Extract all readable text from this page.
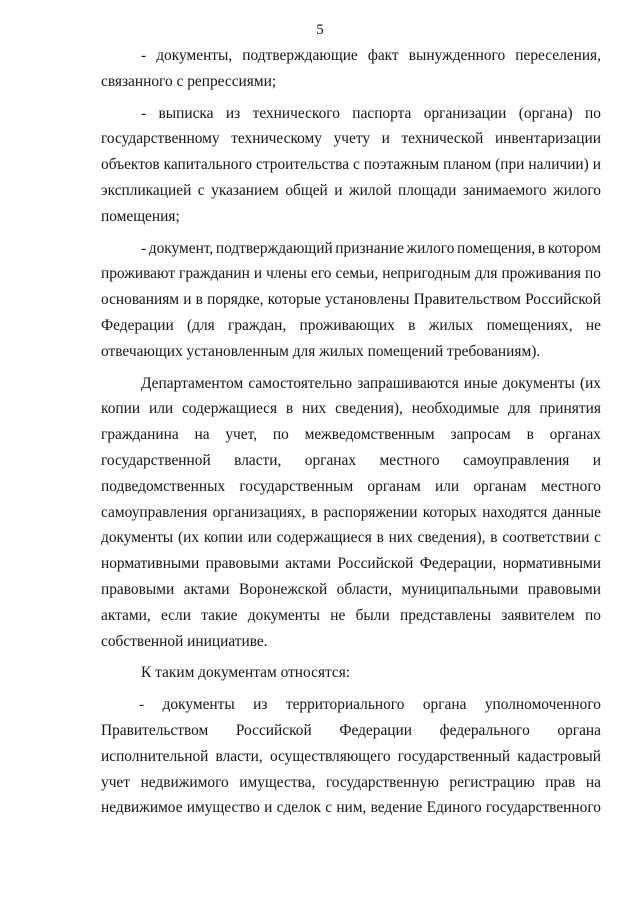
5
- документы, подтверждающие факт вынужденного переселения,
связанного с репрессиями;
- выписка из технического паспорта организации (органа) по
государственному техническому учету и технической инвентаризации
объектов капитального строительства с поэтажным планом (при наличии) и
экспликацией с указанием общей и жилой площади занимаемого жилого
помещения;
- документ, подтверждающий признание жилого помещения, в котором
проживают гражданин и члены его семьи, непригодным для проживания по
основаниям и в порядке, которые установлены Правительством Российской
Федерации (для граждан, проживающих в жилых помещениях, не
отвечающих установленным для жилых помещений требованиям).
Департаментом самостоятельно запрашиваются иные документы (их
копии или содержащиеся в них сведения), необходимые для принятия
гражданина на учет, по межведомственным запросам в органах
государственной власти, органах местного самоуправления и
подведомственных государственным органам или органам местного
самоуправления организациях, в распоряжении которых находятся данные
документы (их копии или содержащиеся в них сведения), в соответствии с
нормативными правовыми актами Российской Федерации, нормативными
правовыми актами Воронежской области, муниципальными правовыми
актами, если такие документы не были представлены заявителем по
собственной инициативе.
К таким документам относятся:
- документы из территориального органа уполномоченного
Правительством Российской Федерации федерального органа
исполнительной власти, осуществляющего государственный кадастровый
учет недвижимого имущества, государственную регистрацию прав на
недвижимое имущество и сделок с ним, ведение Единого государственного
